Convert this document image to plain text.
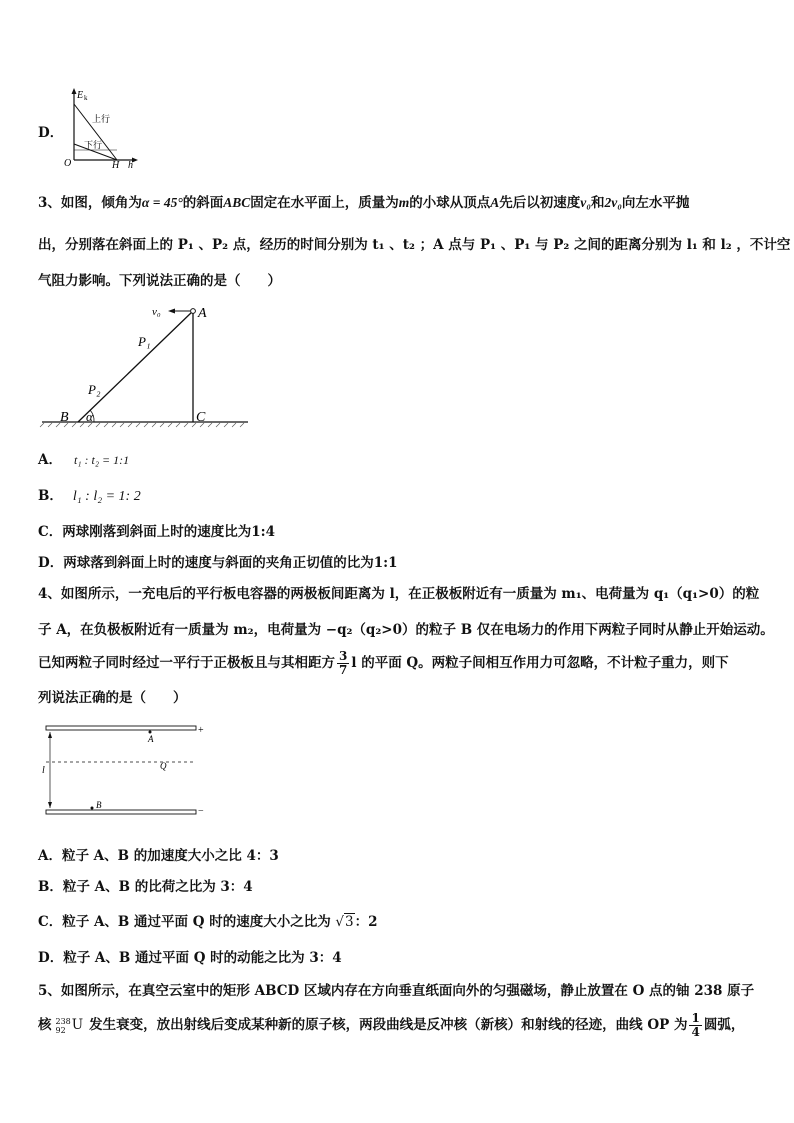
D．
E k
O	H h
上行
下行
3、如图，倾角为α = 45°的斜面ABC固定在水平面上，质量为m的小球从顶点A先后以初速度v₀和2v₀向左水平抛
出，分别落在斜面上的 P₁ 、P₂ 点，经历的时间分别为 t₁ 、t₂ ；A 点与 P₁ 、P₁ 与 P₂ 之间的距离分别为 l₁ 和 l₂ ，不计空
气阻力影响。下列说法正确的是（　　）
v₀	A
P₁
P₂
B α	C
A． t₁ : t₂ = 1:1
B． l₁ : l₂ = 1: 2
C．两球刚落到斜面上时的速度比为1:4
D．两球落到斜面上时的速度与斜面的夹角正切值的比为1:1
4、如图所示，一充电后的平行板电容器的两极板间距离为 l，在正极板附近有一质量为 m₁、电荷量为 q₁（q₁>0）的粒
子 A，在负极板附近有一质量为 m₂，电荷量为 −q₂（q₂>0）的粒子 B 仅在电场力的作用下两粒子同时从静止开始运动。
已知两粒子同时经过一平行于正极板且与其相距方 $\frac{3}{7}$ l 的平面 Q。两粒子间相互作用力可忽略，不计粒子重力，则下
列说法正确的是（　　）
+
−
A
Q
l
B
A．粒子 A、B 的加速度大小之比 4：3
B．粒子 A、B 的比荷之比为 3：4
C．粒子 A、B 通过平面 Q 时的速度大小之比为 √3：2
D．粒子 A、B 通过平面 Q 时的动能之比为 3：4
5、如图所示，在真空云室中的矩形 ABCD 区域内存在方向垂直纸面向外的匀强磁场，静止放置在 O 点的铀 238 原子
核 238
92 U 发生衰变，放出射线后变成某种新的原子核，两段曲线是反冲核（新核）和射线的径迹，曲线 OP 为 $\frac{1}{4}$ 圆弧，
